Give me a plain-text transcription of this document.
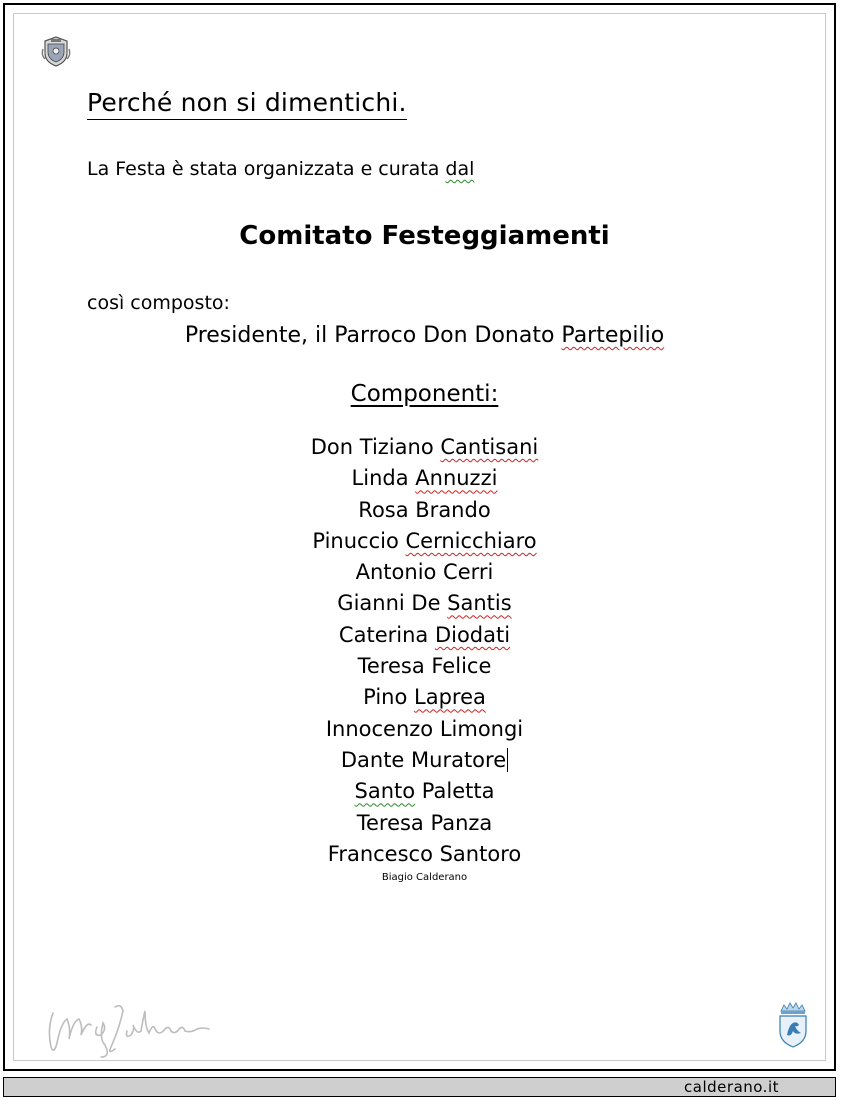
Perché non si dimentichi.
La Festa è stata organizzata e curata dal
Comitato Festeggiamenti
così composto:
Presidente, il Parroco Don Donato Partepilio
Componenti:
Don Tiziano Cantisani
Linda Annuzzi
Rosa Brando
Pinuccio Cernicchiaro
Antonio Cerri
Gianni De Santis
Caterina Diodati
Teresa Felice
Pino Laprea
Innocenzo Limongi
Dante Muratore
Santo Paletta
Teresa Panza
Francesco Santoro
Biagio Calderano
calderano.it
